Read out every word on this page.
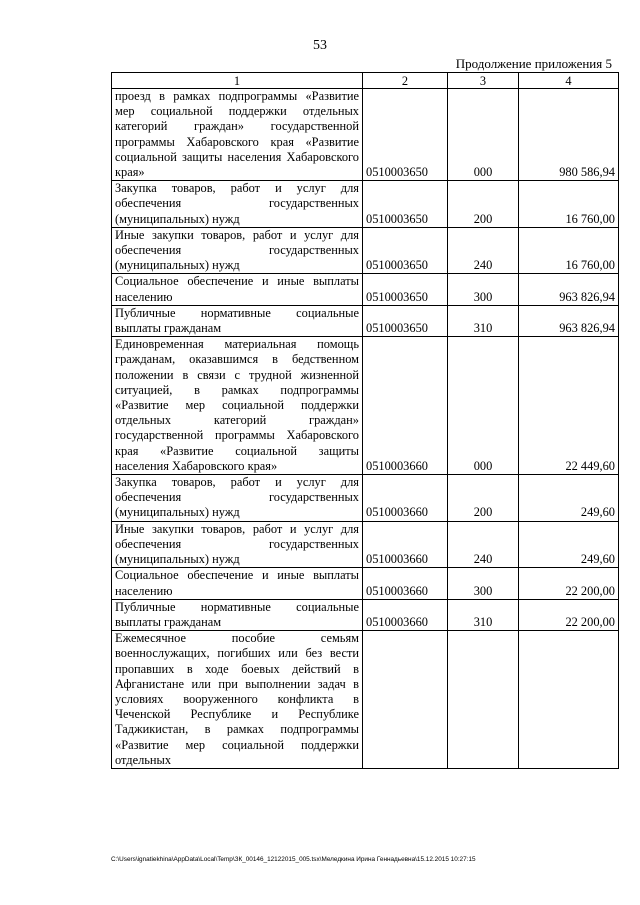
53
Продолжение приложения 5
1	2	3	4
проезд в рамках подпрограммы «Развитие мер социальной поддержки отдельных категорий граждан» государственной программы Хабаровского края «Развитие социальной защиты населения Хабаровского края»	0510003650	000	980 586,94
Закупка товаров, работ и услуг для обеспечения государственных (муниципальных) нужд	0510003650	200	16 760,00
Иные закупки товаров, работ и услуг для обеспечения государственных (муниципальных) нужд	0510003650	240	16 760,00
Социальное обеспечение и иные выплаты населению	0510003650	300	963 826,94
Публичные нормативные социальные выплаты гражданам	0510003650	310	963 826,94
Единовременная материальная помощь гражданам, оказавшимся в бедственном положении в связи с трудной жизненной ситуацией, в рамках подпрограммы «Развитие мер социальной поддержки отдельных категорий граждан» государственной программы Хабаровского края «Развитие социальной защиты населения Хабаровского края»	0510003660	000	22 449,60
Закупка товаров, работ и услуг для обеспечения государственных (муниципальных) нужд	0510003660	200	249,60
Иные закупки товаров, работ и услуг для обеспечения государственных (муниципальных) нужд	0510003660	240	249,60
Социальное обеспечение и иные выплаты населению	0510003660	300	22 200,00
Публичные нормативные социальные выплаты гражданам	0510003660	310	22 200,00
Ежемесячное пособие семьям военнослужащих, погибших или без вести пропавших в ходе боевых действий в Афганистане или при выполнении задач в условиях вооруженного конфликта в Чеченской Республике и Республике Таджикистан, в рамках подпрограммы «Развитие мер социальной поддержки отдельных			
C:\Users\ignatiekhina\AppData\Local\Temp\ЗК_00146_12122015_005.tsx\Меледкина Ирина Геннадьевна\15.12.2015 10:27:15
